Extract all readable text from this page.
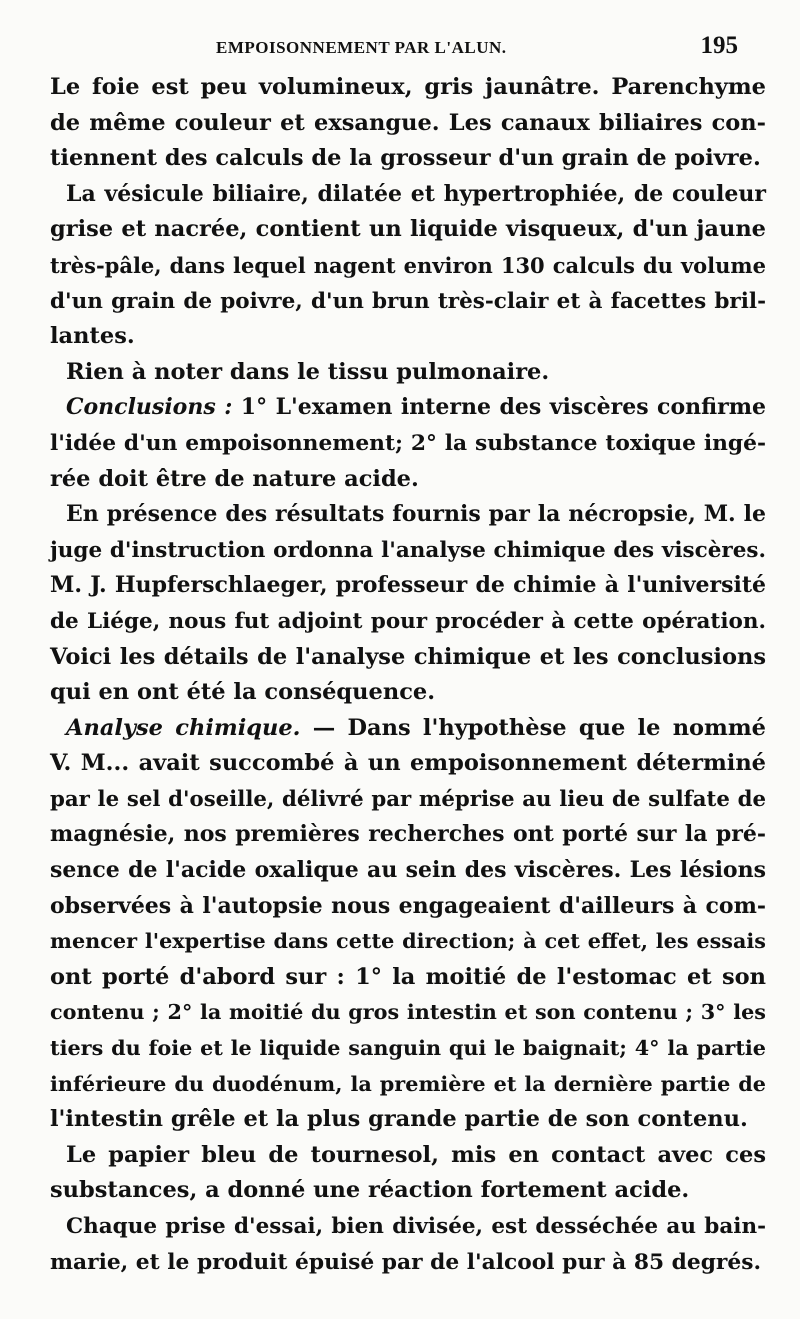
EMPOISONNEMENT PAR L'ALUN.	195
Le foie est peu volumineux, gris jaunâtre. Parenchyme
de même couleur et exsangue. Les canaux biliaires con-
tiennent des calculs de la grosseur d'un grain de poivre.
La vésicule biliaire, dilatée et hypertrophiée, de couleur
grise et nacrée, contient un liquide visqueux, d'un jaune
très-pâle, dans lequel nagent environ 130 calculs du volume
d'un grain de poivre, d'un brun très-clair et à facettes bril-
lantes.
Rien à noter dans le tissu pulmonaire.
Conclusions : 1° L'examen interne des viscères confirme
l'idée d'un empoisonnement; 2° la substance toxique ingé-
rée doit être de nature acide.
En présence des résultats fournis par la nécropsie, M. le
juge d'instruction ordonna l'analyse chimique des viscères.
M. J. Hupferschlaeger, professeur de chimie à l'université
de Liége, nous fut adjoint pour procéder à cette opération.
Voici les détails de l'analyse chimique et les conclusions
qui en ont été la conséquence.
Analyse chimique. — Dans l'hypothèse que le nommé
V. M... avait succombé à un empoisonnement déterminé
par le sel d'oseille, délivré par méprise au lieu de sulfate de
magnésie, nos premières recherches ont porté sur la pré-
sence de l'acide oxalique au sein des viscères. Les lésions
observées à l'autopsie nous engageaient d'ailleurs à com-
mencer l'expertise dans cette direction; à cet effet, les essais
ont porté d'abord sur : 1° la moitié de l'estomac et son
contenu ; 2° la moitié du gros intestin et son contenu ; 3° les
tiers du foie et le liquide sanguin qui le baignait; 4° la partie
inférieure du duodénum, la première et la dernière partie de
l'intestin grêle et la plus grande partie de son contenu.
Le papier bleu de tournesol, mis en contact avec ces
substances, a donné une réaction fortement acide.
Chaque prise d'essai, bien divisée, est desséchée au bain-
marie, et le produit épuisé par de l'alcool pur à 85 degrés.
